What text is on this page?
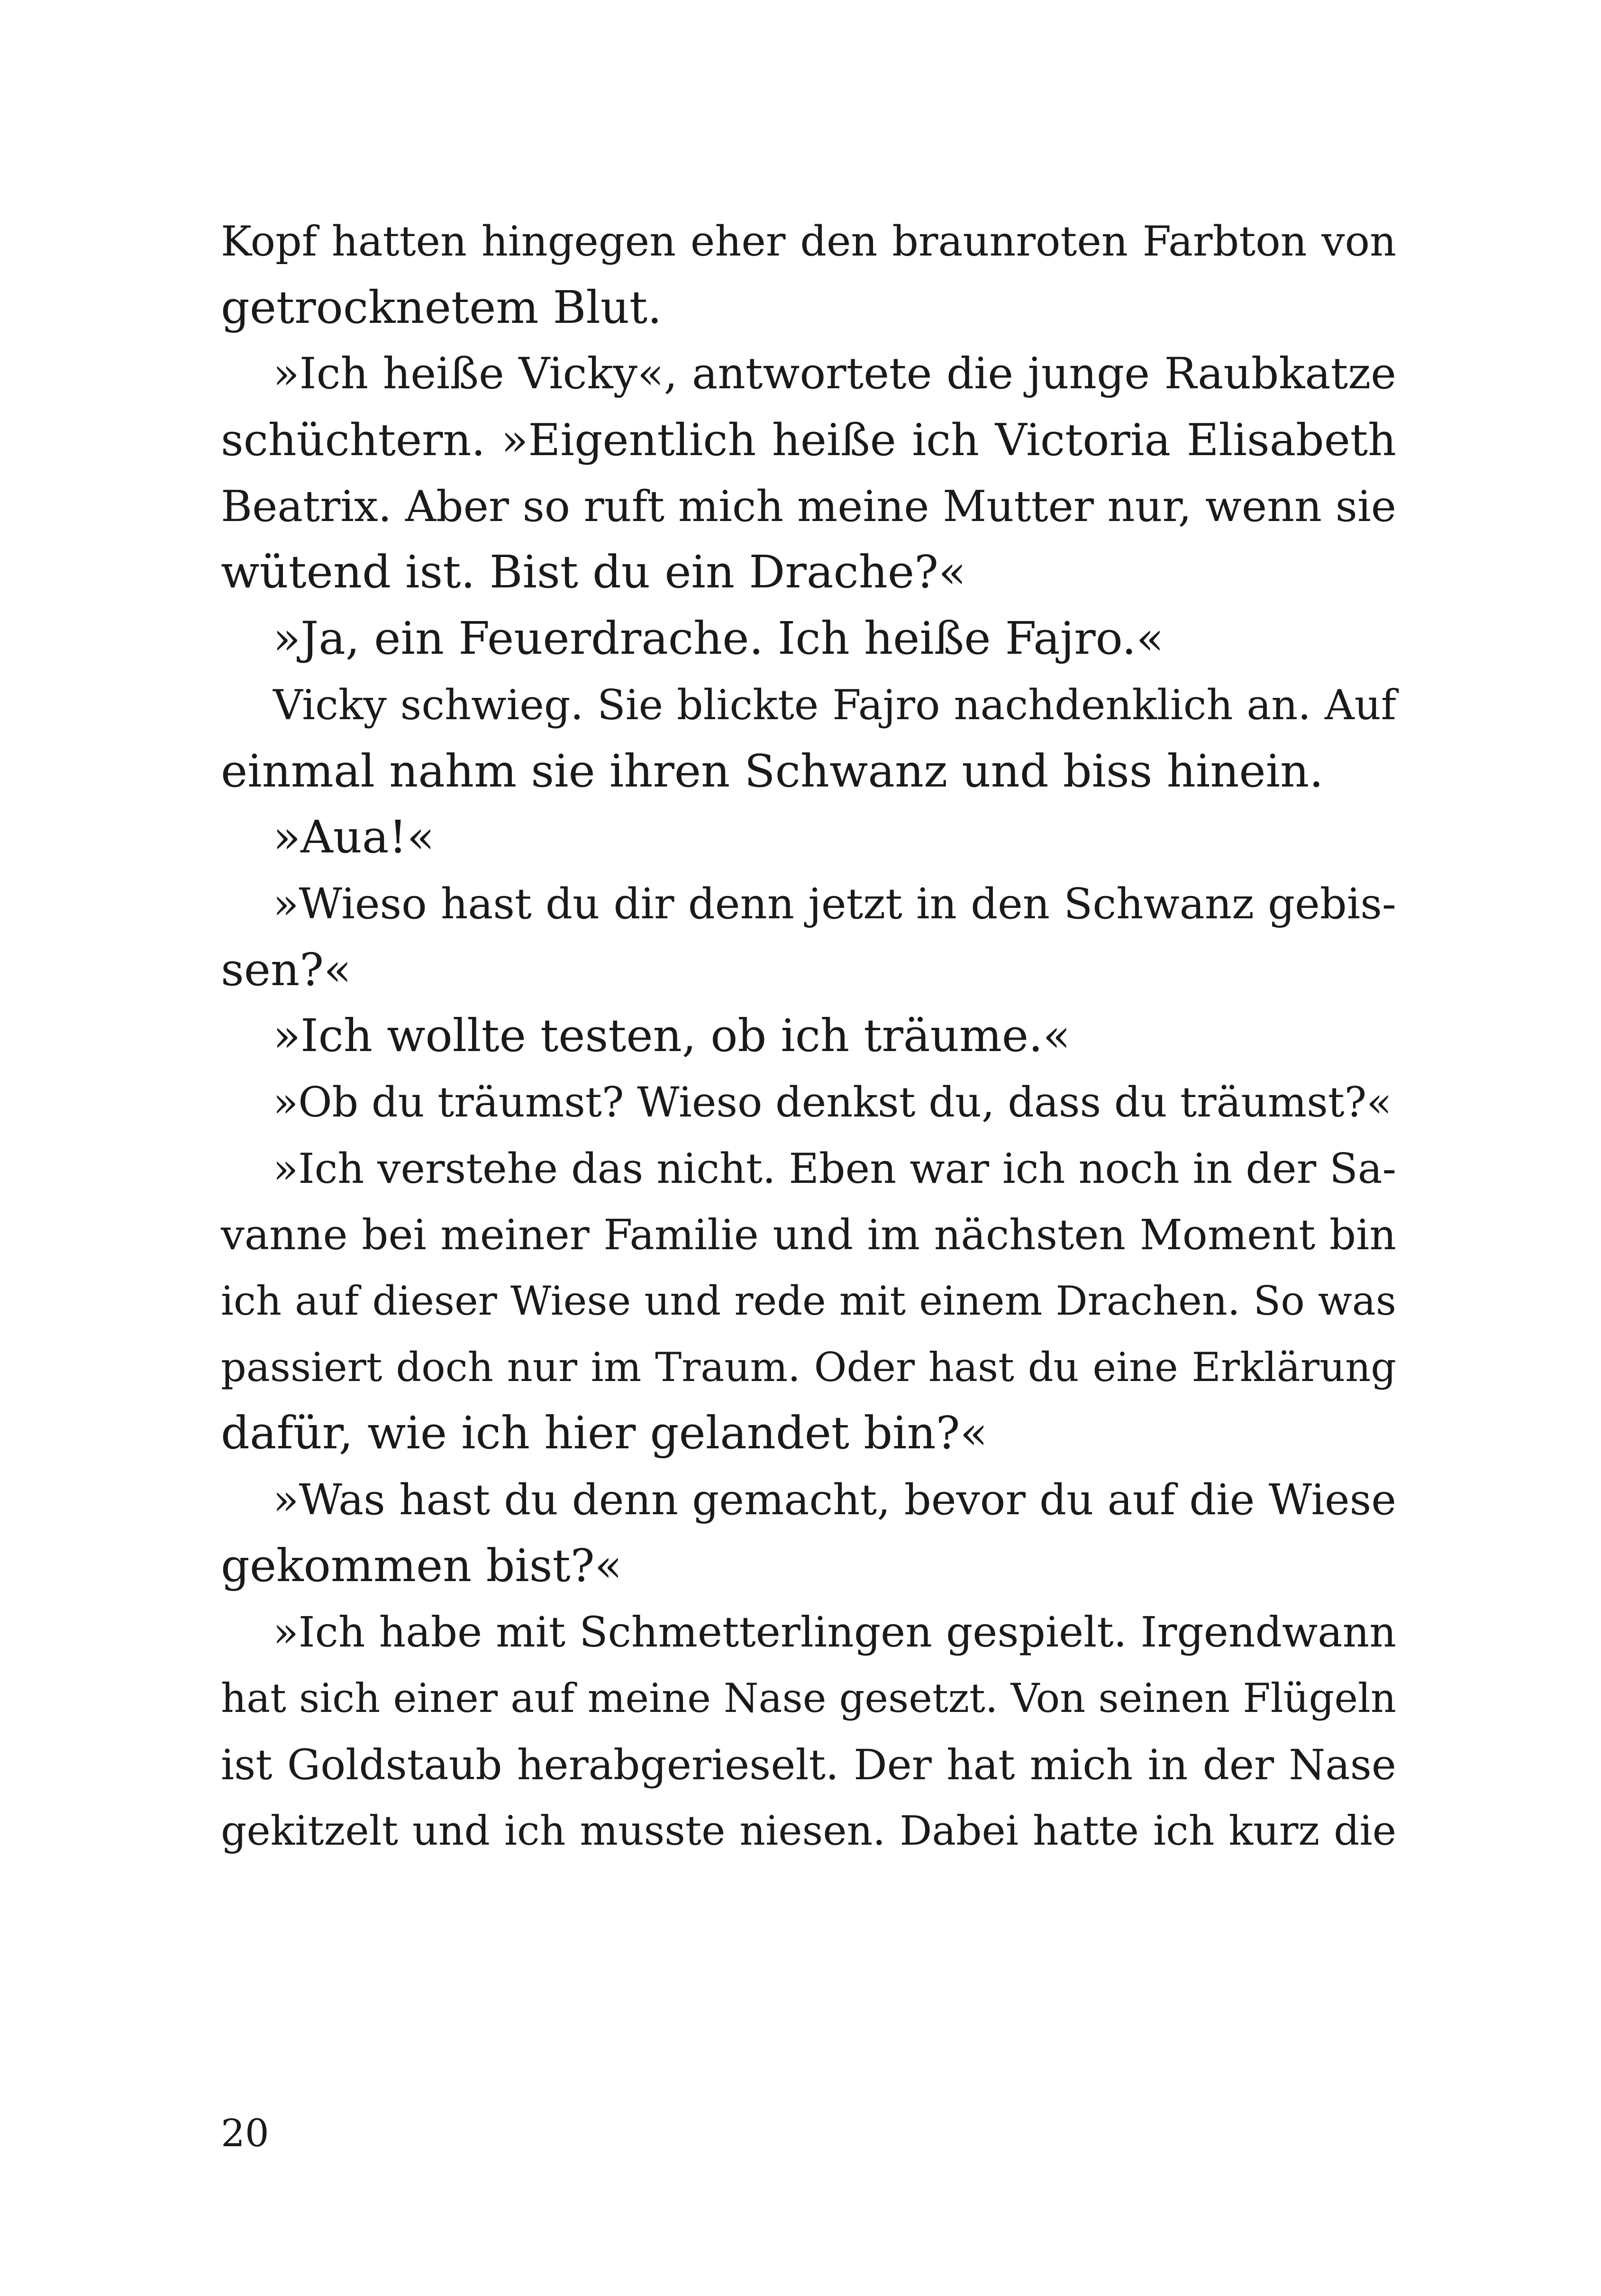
Kopf hatten hingegen eher den braunroten Farbton von
getrocknetem Blut.
»Ich heiße Vicky«, antwortete die junge Raubkatze
schüchtern. »Eigentlich heiße ich Victoria Elisabeth
Beatrix. Aber so ruft mich meine Mutter nur, wenn sie
wütend ist. Bist du ein Drache?«
»Ja, ein Feuerdrache. Ich heiße Fajro.«
Vicky schwieg. Sie blickte Fajro nachdenklich an. Auf
einmal nahm sie ihren Schwanz und biss hinein.
»Aua!«
»Wieso hast du dir denn jetzt in den Schwanz gebis-
sen?«
»Ich wollte testen, ob ich träume.«
»Ob du träumst? Wieso denkst du, dass du träumst?«
»Ich verstehe das nicht. Eben war ich noch in der Sa-
vanne bei meiner Familie und im nächsten Moment bin
ich auf dieser Wiese und rede mit einem Drachen. So was
passiert doch nur im Traum. Oder hast du eine Erklärung
dafür, wie ich hier gelandet bin?«
»Was hast du denn gemacht, bevor du auf die Wiese
gekommen bist?«
»Ich habe mit Schmetterlingen gespielt. Irgendwann
hat sich einer auf meine Nase gesetzt. Von seinen Flügeln
ist Goldstaub herabgerieselt. Der hat mich in der Nase
gekitzelt und ich musste niesen. Dabei hatte ich kurz die
20
